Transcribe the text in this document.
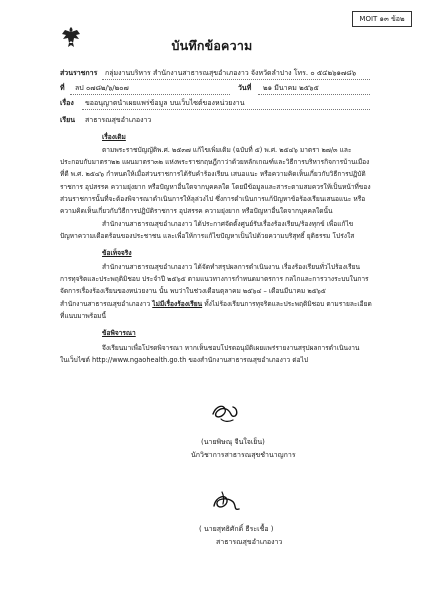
MOIT ๑๓ ข้อ๒
บันทึกข้อความ
ส่วนราชการ กลุ่มงานบริหาร สำนักงานสาธารณสุขอำเภองาว จังหวัดลำปาง โทร. ๐ ๕๔๒๖๑๗๘๖
ที่ ลป ๐๗๘๒/๖/๒๐๗	วันที่ ๒๑ มีนาคม ๒๕๖๕
เรื่อง ขออนุญาตนำเผยแพร่ข้อมูล บนเว็บไซต์ของหน่วยงาน
เรียน สาธารณสุขอำเภองาว
เรื่องเดิม

ตามพระราชบัญญัติพ.ศ. ๒๕๓๗ แก้ไขเพิ่มเติม (ฉบับที่ ๕) พ.ศ. ๒๕๔๖ มาตรา ๒๗/๓ และ

ประกอบกับมาตรา๒๒ แผนมาตรา๓๒ แห่งพระราชกฤษฎีกาว่าด้วยหลักเกณฑ์และวิธีการบริหารกิจการบ้านเมือง

ที่ดี พ.ศ. ๒๕๔๖ กำหนดให้เมื่อส่วนราชการได้รับคำร้องเรียน เสนอแนะ หรือความคิดเห็นเกี่ยวกับวิธีการปฏิบัติ

ราชการ อุปสรรค ความยุ่งยาก หรือปัญหาอื่นใดจากบุคคลใด โดยมีข้อมูลและสาระตามสมควรให้เป็นหน้าที่ของ

ส่วนราชการนั้นที่จะต้องพิจารณาดำเนินการให้ลุล่วงไป ซึ่งการดำเนินการแก้ปัญหาข้อร้องเรียนเสนอแนะ หรือ

ความคิดเห็นเกี่ยวกับวิธีการปฏิบัติราชการ อุปสรรค ความยุ่งยาก หรือปัญหาอื่นใดจากบุคคลใดนั้น

สำนักงานสาธารณสุขอำเภองาว ได้ประกาศจัดตั้งศูนย์รับเรื่องร้องเรียน/ร้องทุกข์ เพื่อแก้ไข

ปัญหาความเดือดร้อนของประชาชน และเพื่อให้การแก้ไขปัญหาเป็นไปด้วยความบริสุทธิ์ ยุติธรรม โปร่งใส

ข้อเท็จจริง

สำนักงานสาธารณสุขอำเภองาว ได้จัดทำสรุปผลการดำเนินงาน เรื่องร้องเรียนทั่วไปร้องเรียน

การทุจริตและประพฤติมิชอบ ประจำปี ๒๕๖๕ ตามแนวทางการกำหนดมาตรการ กลไกและการวางระบบในการ

จัดการเรื่องร้องเรียนของหน่วยงาน นั้น พบว่าในช่วงเดือนตุลาคม ๒๕๖๔ – เดือนมีนาคม ๒๕๖๕

สำนักงานสาธารณสุขอำเภองาว ไม่มีเรื่องร้องเรียน ทั้งไม่ร้องเรียนการทุจริตและประพฤติมิชอบ ตามรายละเอียด

ที่แนบมาพร้อมนี้

ข้อพิจารณา

จึงเรียนมาเพื่อโปรดพิจารณา หากเห็นชอบโปรดอนุมัติเผยแพร่รายงานสรุปผลการดำเนินงาน

ในเว็บไซต์ http://www.ngaohealth.go.th ของสำนักงานสาธารณสุขอำเภองาว ต่อไป

(นายพิษณุ จีนใจเย็น)
นักวิชาการสาธารณสุขชำนาญการ
( นายสุทธิศักดิ์ ธีระเชื้อ )
สาธารณสุขอำเภองาว
